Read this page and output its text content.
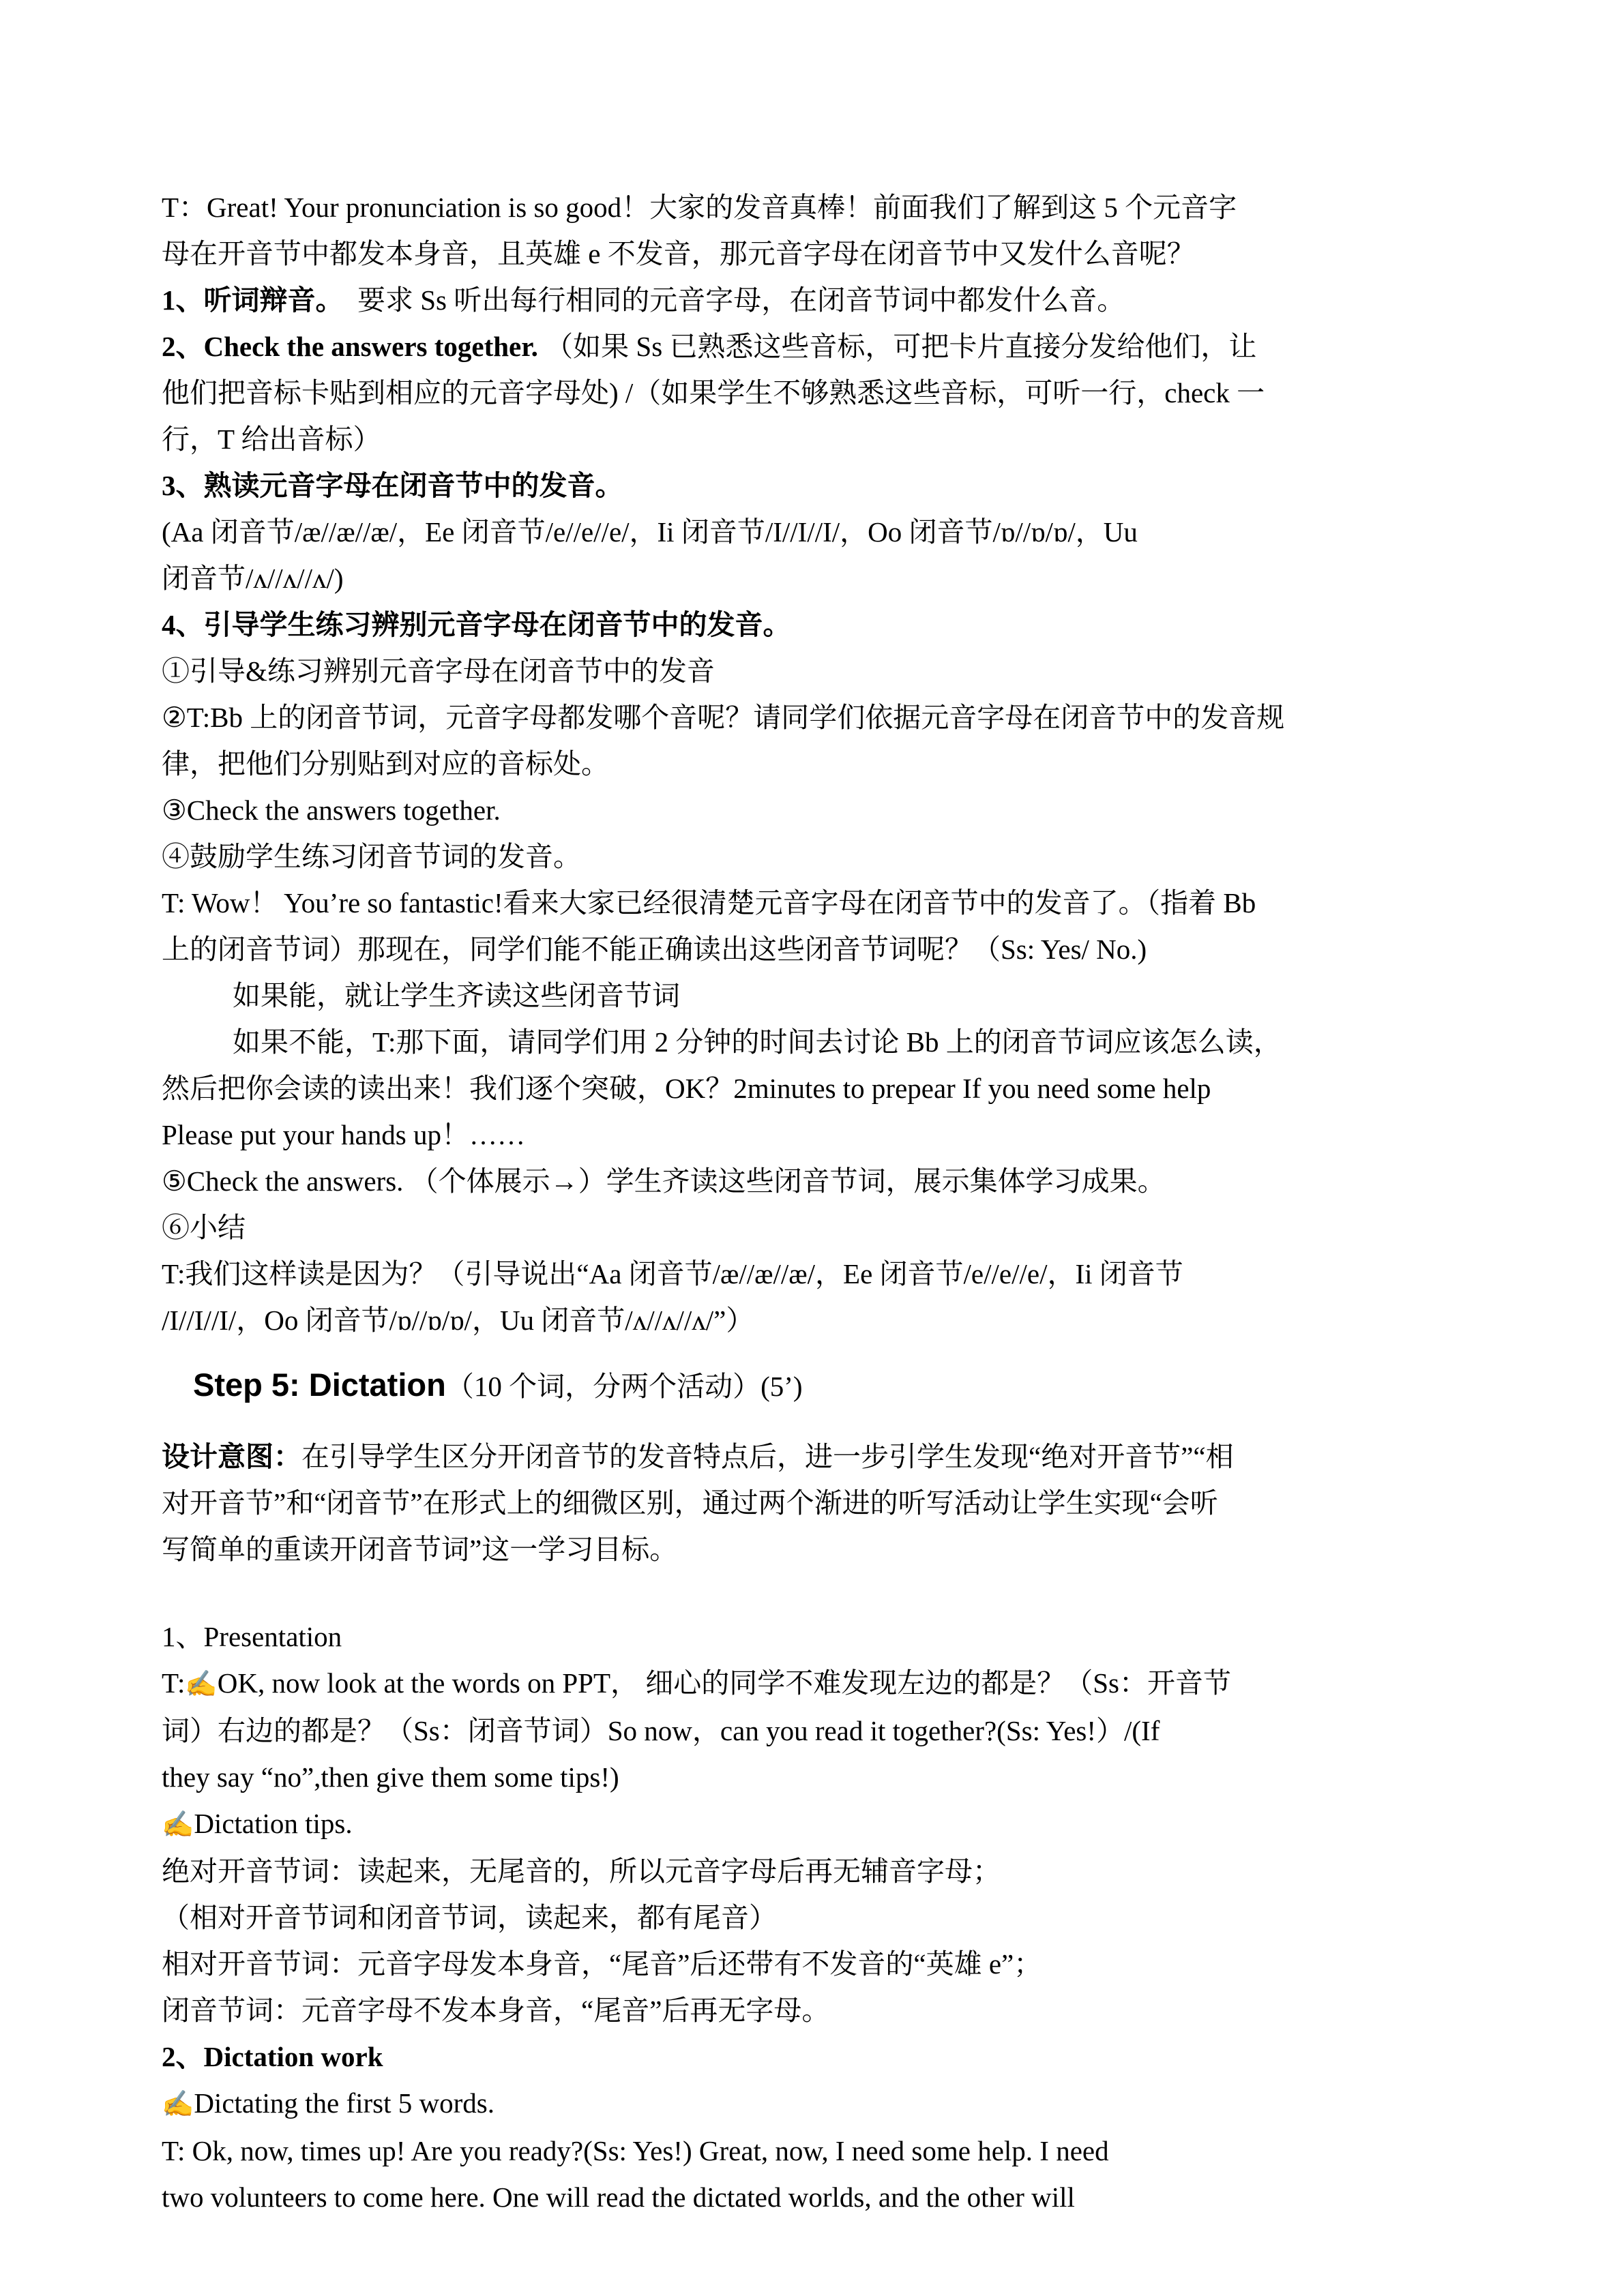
T：Great! Your pronunciation is so good！大家的发音真棒！前面我们了解到这 5 个元音字

母在开音节中都发本身音，且英雄 e 不发音，那元音字母在闭音节中又发什么音呢？

1、听词辩音。  要求 Ss 听出每行相同的元音字母，在闭音节词中都发什么音。

2、Check the answers together. （如果 Ss 已熟悉这些音标，可把卡片直接分发给他们，让

他们把音标卡贴到相应的元音字母处) /（如果学生不够熟悉这些音标，可听一行，check 一

行，T 给出音标）

3、熟读元音字母在闭音节中的发音。

(Aa 闭音节/æ//æ//æ/，Ee 闭音节/e//e//e/，Ii 闭音节/I//I//I/，Oo 闭音节/ɒ//ɒ/ɒ/，Uu

闭音节/ʌ//ʌ//ʌ/)

4、引导学生练习辨别元音字母在闭音节中的发音。

①引导&练习辨别元音字母在闭音节中的发音

②T:Bb 上的闭音节词，元音字母都发哪个音呢？请同学们依据元音字母在闭音节中的发音规

律，把他们分别贴到对应的音标处。

③Check the answers together.

④鼓励学生练习闭音节词的发音。

T: Wow！ You’re so fantastic!看来大家已经很清楚元音字母在闭音节中的发音了。（指着 Bb

上的闭音节词）那现在，同学们能不能正确读出这些闭音节词呢？（Ss: Yes/ No.)

如果能，就让学生齐读这些闭音节词

如果不能，T:那下面，请同学们用 2 分钟的时间去讨论 Bb 上的闭音节词应该怎么读，

然后把你会读的读出来！我们逐个突破，OK？2minutes to prepear If you need some help

Please put your hands up！……

⑤Check the answers. （个体展示→）学生齐读这些闭音节词，展示集体学习成果。

⑥小结

T:我们这样读是因为？（引导说出“Aa 闭音节/æ//æ//æ/，Ee 闭音节/e//e//e/，Ii 闭音节

/I//I//I/，Oo 闭音节/ɒ//ɒ/ɒ/，Uu 闭音节/ʌ//ʌ//ʌ/”）

Step 5: Dictation（10 个词，分两个活动）(5’)

设计意图：在引导学生区分开闭音节的发音特点后，进一步引学生发现“绝对开音节”“相

对开音节”和“闭音节”在形式上的细微区别，通过两个渐进的听写活动让学生实现“会听

写简单的重读开闭音节词”这一学习目标。

1、Presentation

T:✍OK, now look at the words on PPT， 细心的同学不难发现左边的都是？（Ss：开音节

词）右边的都是？（Ss：闭音节词）So now，can you read it together?(Ss: Yes!）/(If

they say “no”,then give them some tips!)

✍Dictation tips.

绝对开音节词：读起来，无尾音的，所以元音字母后再无辅音字母；

（相对开音节词和闭音节词，读起来，都有尾音）

相对开音节词：元音字母发本身音，“尾音”后还带有不发音的“英雄 e”；

闭音节词：元音字母不发本身音，“尾音”后再无字母。

2、Dictation work

✍Dictating the first 5 words.

T: Ok, now, times up! Are you ready?(Ss: Yes!) Great, now, I need some help. I need

two volunteers to come here. One will read the dictated worlds, and the other will
